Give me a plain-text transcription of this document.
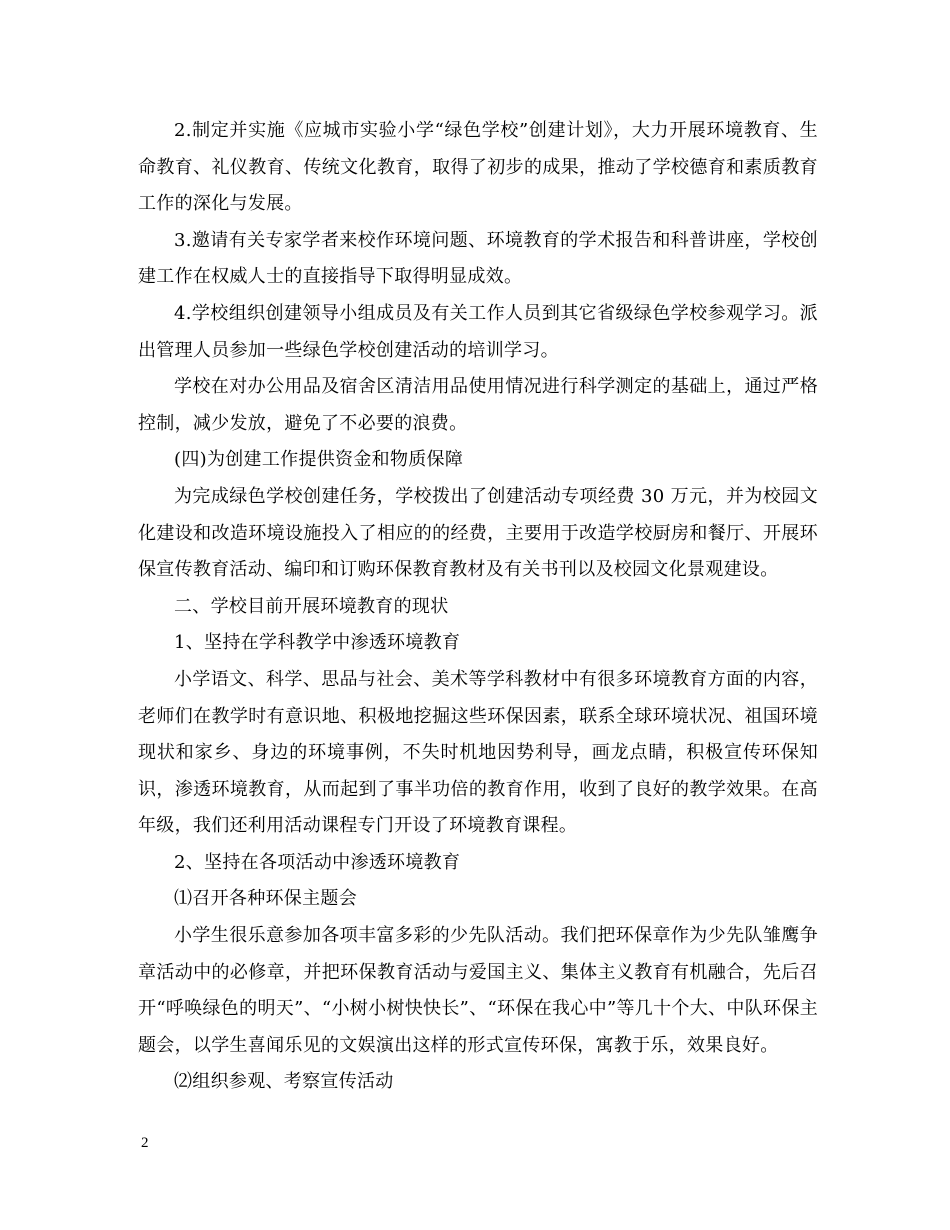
2.制定并实施《应城市实验小学“绿色学校”创建计划》，大力开展环境教育、生命教育、礼仪教育、传统文化教育，取得了初步的成果，推动了学校德育和素质教育工作的深化与发展。

3.邀请有关专家学者来校作环境问题、环境教育的学术报告和科普讲座，学校创建工作在权威人士的直接指导下取得明显成效。

4.学校组织创建领导小组成员及有关工作人员到其它省级绿色学校参观学习。派出管理人员参加一些绿色学校创建活动的培训学习。

学校在对办公用品及宿舍区清洁用品使用情况进行科学测定的基础上，通过严格控制，减少发放，避免了不必要的浪费。

(四)为创建工作提供资金和物质保障

为完成绿色学校创建任务，学校拨出了创建活动专项经费 30 万元，并为校园文化建设和改造环境设施投入了相应的的经费，主要用于改造学校厨房和餐厅、开展环保宣传教育活动、编印和订购环保教育教材及有关书刊以及校园文化景观建设。

二、学校目前开展环境教育的现状

1、坚持在学科教学中渗透环境教育

小学语文、科学、思品与社会、美术等学科教材中有很多环境教育方面的内容，老师们在教学时有意识地、积极地挖掘这些环保因素，联系全球环境状况、祖国环境现状和家乡、身边的环境事例，不失时机地因势利导，画龙点睛，积极宣传环保知识，渗透环境教育，从而起到了事半功倍的教育作用，收到了良好的教学效果。在高年级，我们还利用活动课程专门开设了环境教育课程。

2、坚持在各项活动中渗透环境教育

⑴召开各种环保主题会

小学生很乐意参加各项丰富多彩的少先队活动。我们把环保章作为少先队雏鹰争章活动中的必修章，并把环保教育活动与爱国主义、集体主义教育有机融合，先后召开“呼唤绿色的明天”、“小树小树快快长”、“环保在我心中”等几十个大、中队环保主题会，以学生喜闻乐见的文娱演出这样的形式宣传环保，寓教于乐，效果良好。

⑵组织参观、考察宣传活动

2
